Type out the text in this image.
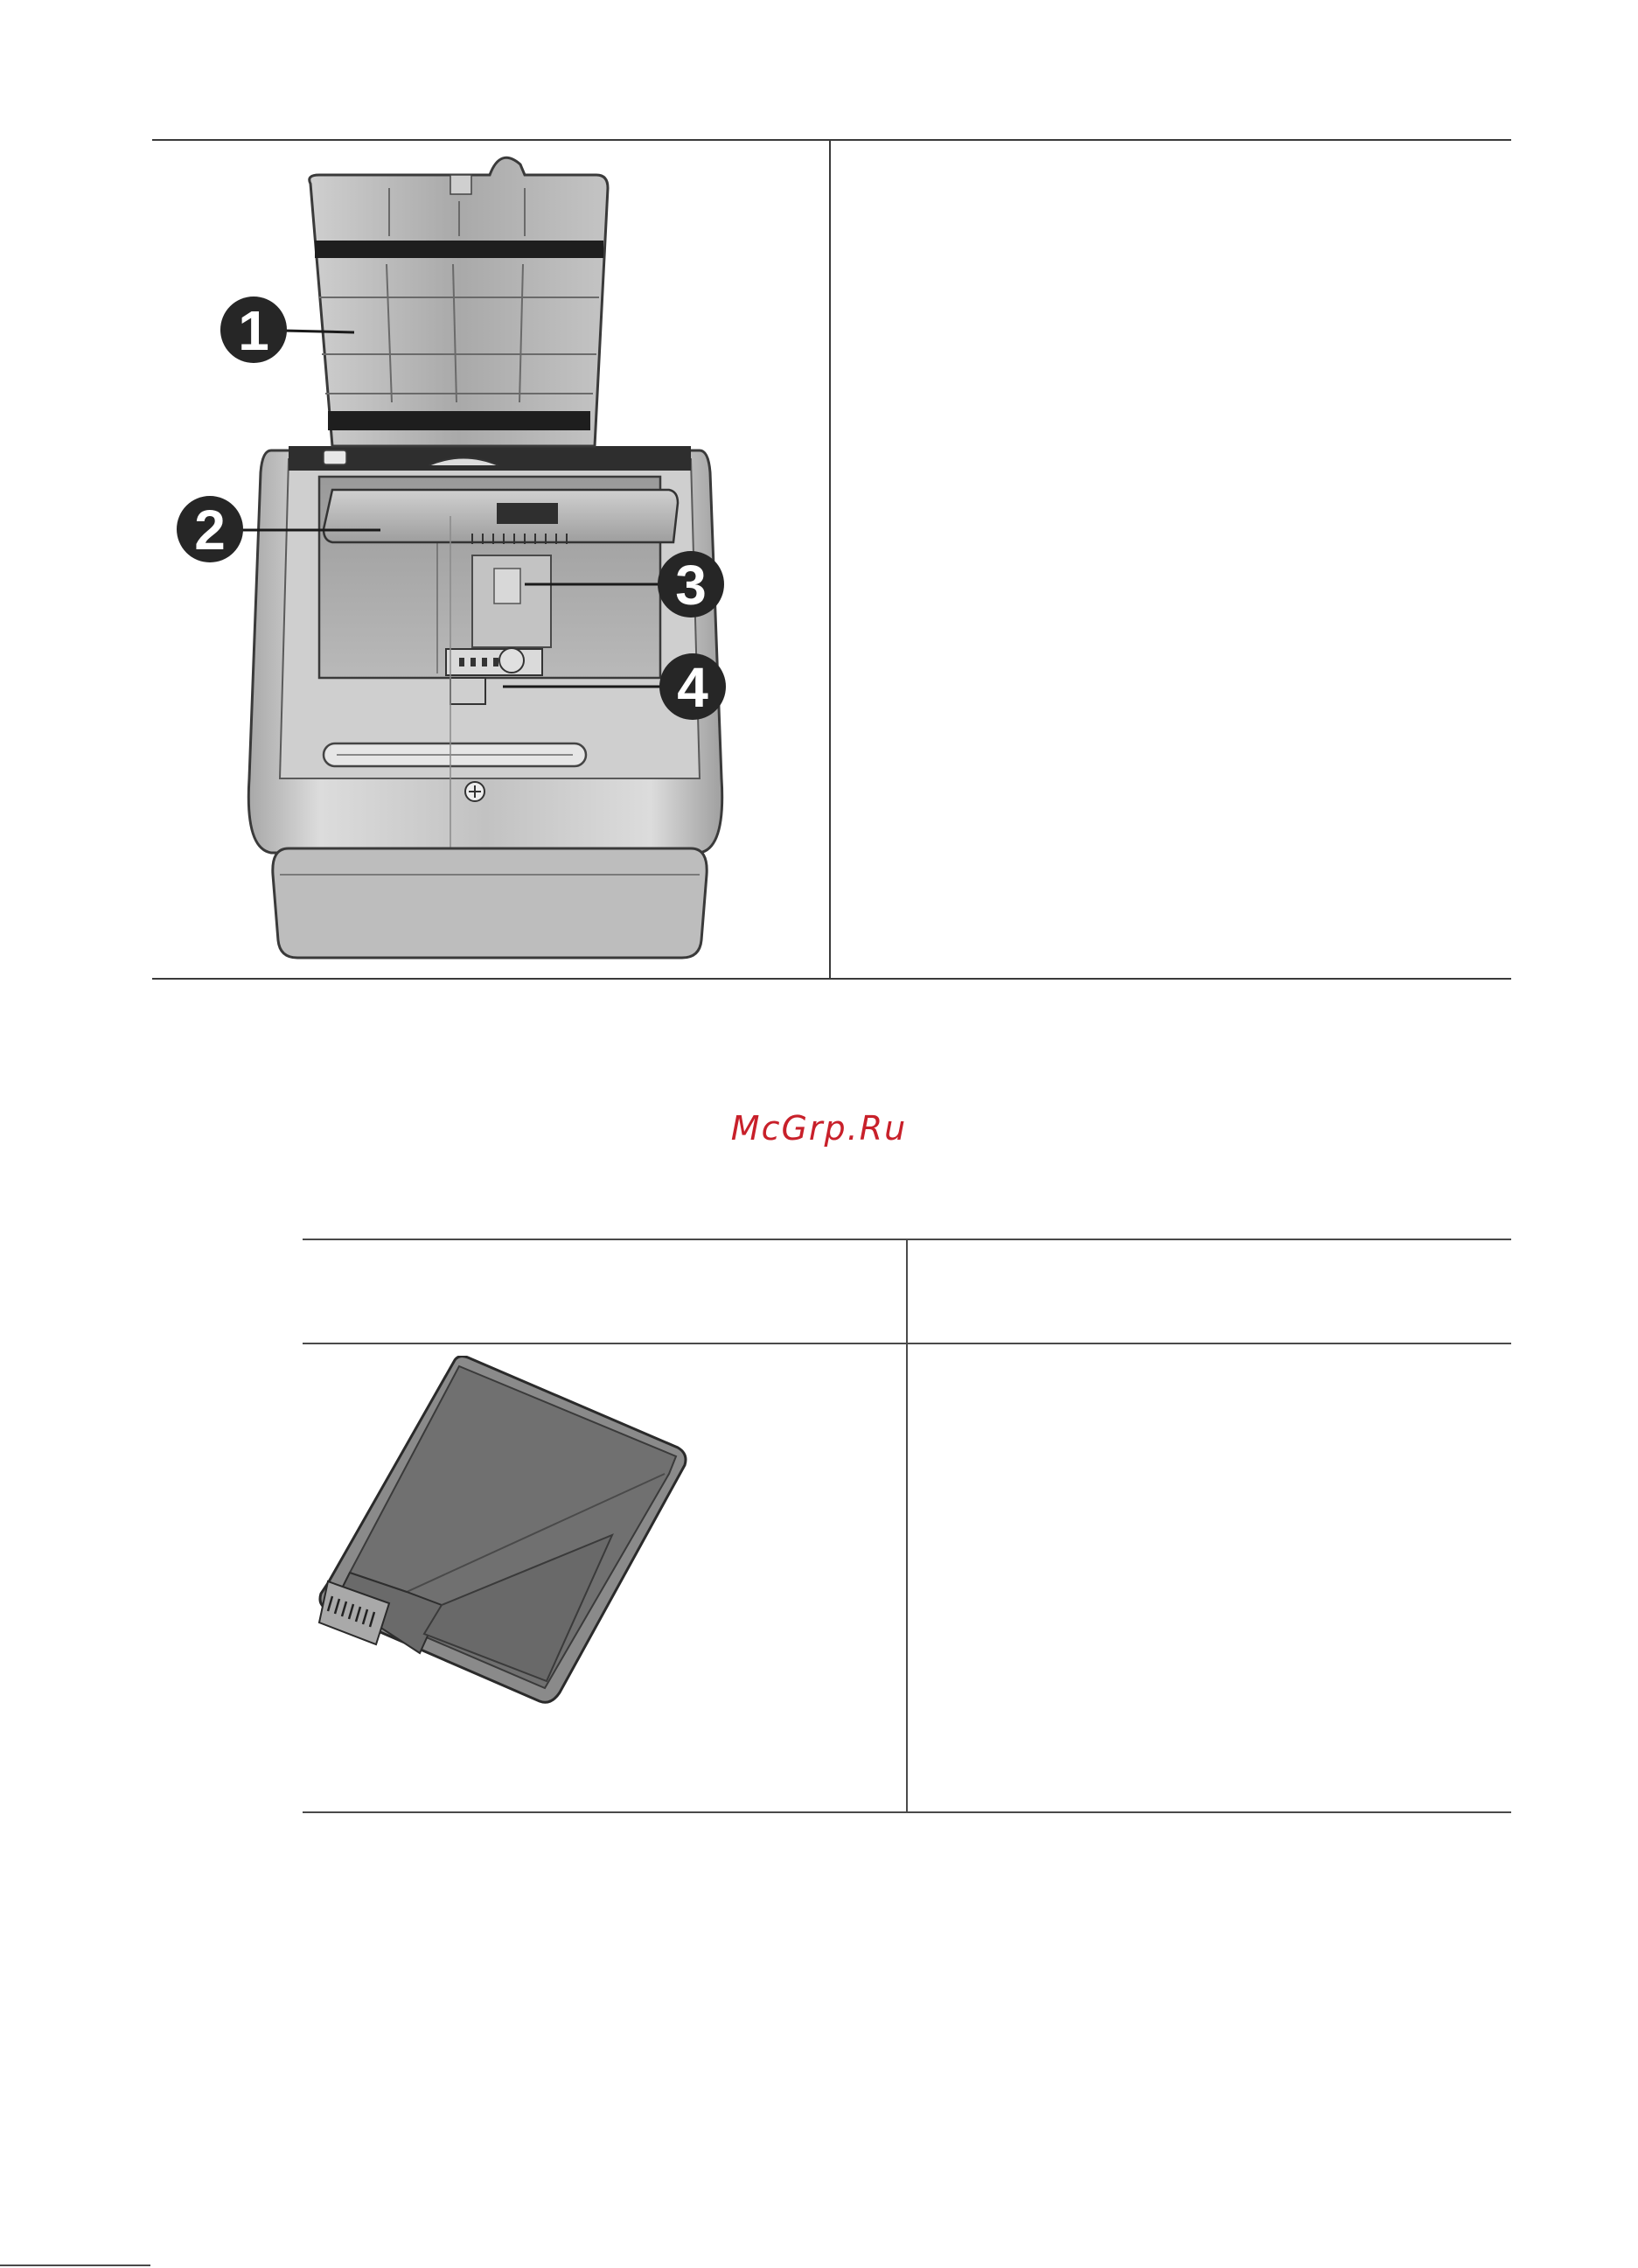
1
2
3
4
McGrp.Ru
